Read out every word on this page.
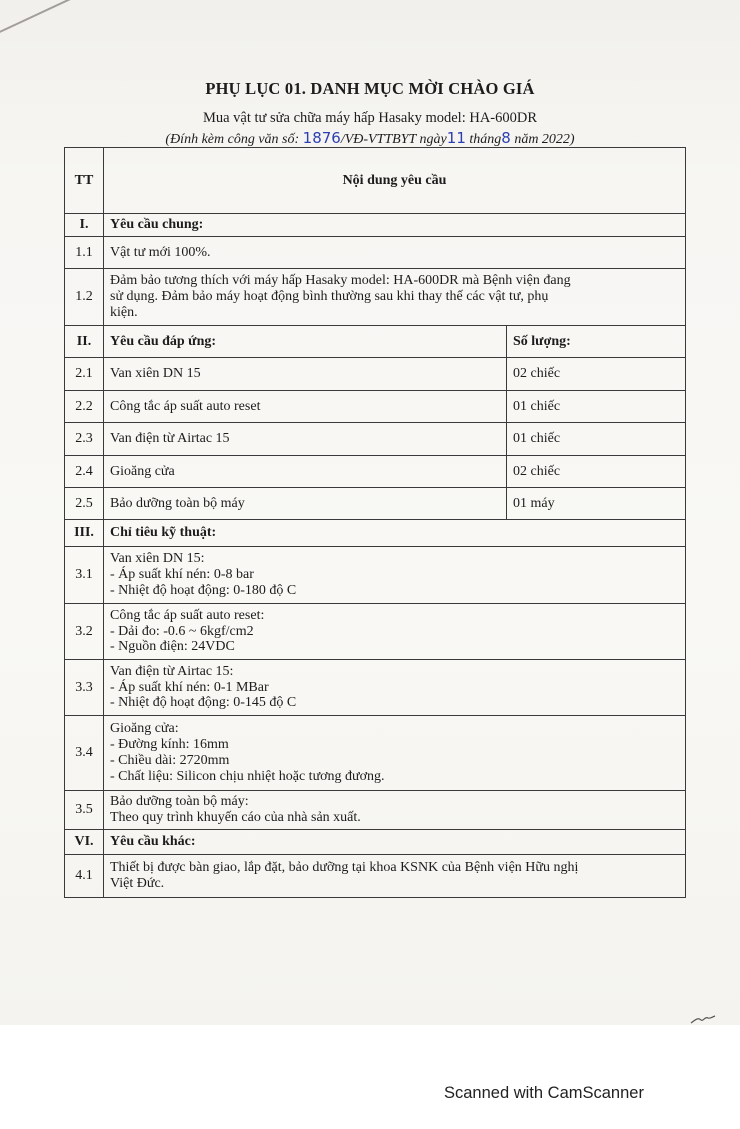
PHỤ LỤC 01. DANH MỤC MỜI CHÀO GIÁ
Mua vật tư sửa chữa máy hấp Hasaky model: HA-600DR
(Đính kèm công văn số: 1876/VĐ-VTTBYT ngày11 tháng8 năm 2022)
TT	Nội dung yêu cầu	
I.	Yêu cầu chung:	
1.1	Vật tư mới 100%.	
1.2	Đảm bảo tương thích với máy hấp Hasaky model: HA-600DR mà Bệnh viện đang
sử dụng. Đảm bảo máy hoạt động bình thường sau khi thay thế các vật tư, phụ
kiện.	

II.	Yêu cầu đáp ứng:	Số lượng:
2.1	Van xiên DN 15	02 chiếc
2.2	Công tắc áp suất auto reset	01 chiếc
2.3	Van điện từ Airtac 15	01 chiếc
2.4	Gioăng cửa	02 chiếc
2.5	Bảo dưỡng toàn bộ máy	01 máy
III.	Chỉ tiêu kỹ thuật:	
3.1	Van xiên DN 15:
- Áp suất khí nén: 0-8 bar
- Nhiệt độ hoạt động: 0-180 độ C	

3.2	Công tắc áp suất auto reset:
- Dải đo: -0.6 ~ 6kgf/cm2
- Nguồn điện: 24VDC	

3.3	Van điện từ Airtac 15:
- Áp suất khí nén: 0-1 MBar
- Nhiệt độ hoạt động: 0-145 độ C	

3.4	Gioăng cửa:
- Đường kính: 16mm
- Chiều dài: 2720mm
- Chất liệu: Silicon chịu nhiệt hoặc tương đương.	

3.5	Bảo dưỡng toàn bộ máy:
Theo quy trình khuyến cáo của nhà sản xuất.	

VI.	Yêu cầu khác:	
4.1	Thiết bị được bàn giao, lắp đặt, bảo dưỡng tại khoa KSNK của Bệnh viện Hữu nghị
Việt Đức.	
Scanned with CamScanner
